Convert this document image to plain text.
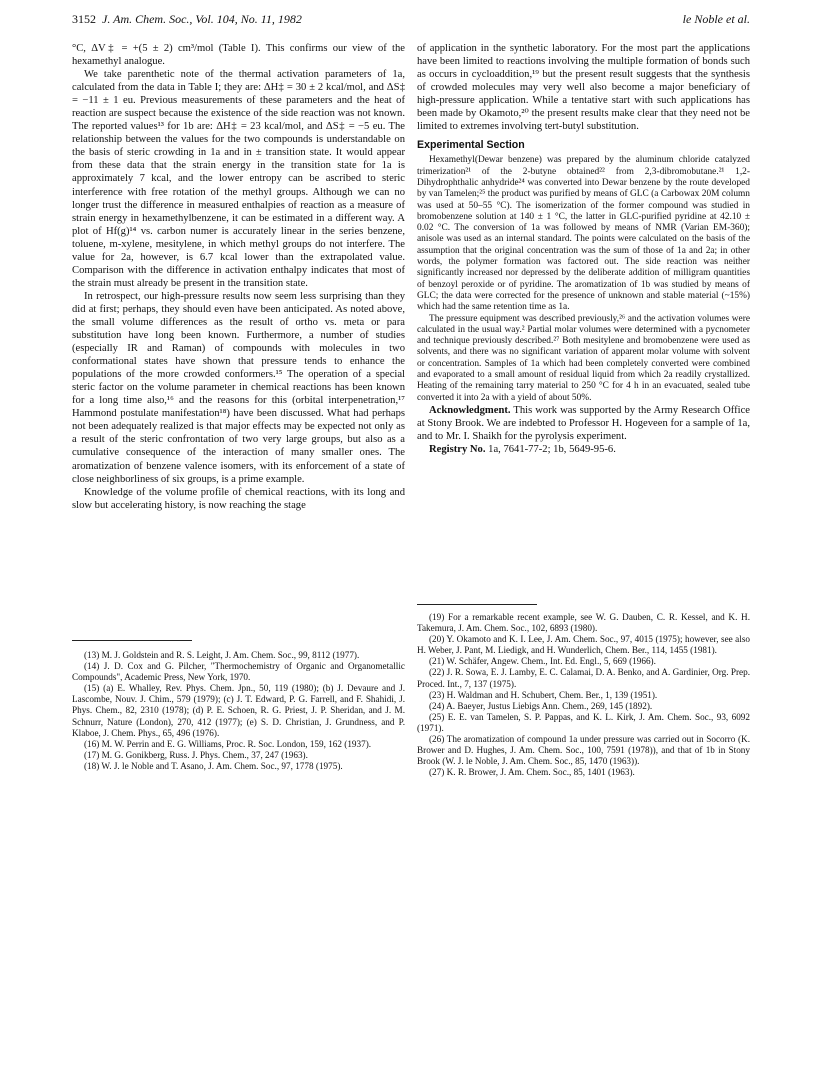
3152 J. Am. Chem. Soc., Vol. 104, No. 11, 1982	le Noble et al.

°C, ΔV‡ = +(5 ± 2) cm³/mol (Table I). This confirms our view of the hexamethyl analogue.

We take parenthetic note of the thermal activation parameters of 1a, calculated from the data in Table I; they are: ΔH‡ = 30 ± 2 kcal/mol, and ΔS‡ = −11 ± 1 eu. Previous measurements of these parameters and the heat of reaction are suspect because the existence of the side reaction was not known. The reported values¹³ for 1b are: ΔH‡ = 23 kcal/mol, and ΔS‡ = −5 eu. The relationship between the values for the two compounds is understandable on the basis of steric crowding in 1a and in ± transition state. It would appear from these data that the strain energy in the transition state for 1a is approximately 7 kcal, and the lower entropy can be ascribed to steric interference with free rotation of the methyl groups. Although we can no longer trust the difference in measured enthalpies of reaction as a measure of strain energy in hexamethylbenzene, it can be estimated in a different way. A plot of Hf(g)¹⁴ vs. carbon numer is accurately linear in the series benzene, toluene, m-xylene, mesitylene, in which methyl groups do not interfere. The value for 2a, however, is 6.7 kcal lower than the extrapolated value. Comparison with the difference in activation enthalpy indicates that most of the strain must already be present in the transition state.

In retrospect, our high-pressure results now seem less surprising than they did at first; perhaps, they should even have been anticipated. As noted above, the small volume differences as the result of ortho vs. meta or para substitution have long been known. Furthermore, a number of studies (especially IR and Raman) of compounds with molecules in two conformational states have shown that pressure tends to enhance the populations of the more crowded conformers.¹⁵ The operation of a special steric factor on the volume parameter in chemical reactions has been known for a long time also,¹⁶ and the reasons for this (orbital interpenetration,¹⁷ Hammond postulate manifestation¹⁸) have been discussed. What had perhaps not been adequately realized is that major effects may be expected not only as a result of the steric confrontation of two very large groups, but also as a cumulative consequence of the interaction of many smaller ones. The aromatization of benzene valence isomers, with its enforcement of a state of close neighborliness of six groups, is a prime example.

Knowledge of the volume profile of chemical reactions, with its long and slow but accelerating history, is now reaching the stage

(13) M. J. Goldstein and R. S. Leight, J. Am. Chem. Soc., 99, 8112 (1977).

(14) J. D. Cox and G. Pilcher, "Thermochemistry of Organic and Organometallic Compounds", Academic Press, New York, 1970.

(15) (a) E. Whalley, Rev. Phys. Chem. Jpn., 50, 119 (1980); (b) J. Devaure and J. Lascombe, Nouv. J. Chim., 579 (1979); (c) J. T. Edward, P. G. Farrell, and F. Shahidi, J. Phys. Chem., 82, 2310 (1978); (d) P. E. Schoen, R. G. Priest, J. P. Sheridan, and J. M. Schnurr, Nature (London), 270, 412 (1977); (e) S. D. Christian, J. Grundness, and P. Klaboe, J. Chem. Phys., 65, 496 (1976).

(16) M. W. Perrin and E. G. Williams, Proc. R. Soc. London, 159, 162 (1937).

(17) M. G. Gonikberg, Russ. J. Phys. Chem., 37, 247 (1963).

(18) W. J. le Noble and T. Asano, J. Am. Chem. Soc., 97, 1778 (1975).

of application in the synthetic laboratory. For the most part the applications have been limited to reactions involving the multiple formation of bonds such as occurs in cycloaddition,¹⁹ but the present result suggests that the synthesis of crowded molecules may very well also become a major beneficiary of high-pressure application. While a tentative start with such applications has been made by Okamoto,²⁰ the present results make clear that they need not be limited to extremes involving tert-butyl substitution.

Experimental Section

Hexamethyl(Dewar benzene) was prepared by the aluminum chloride catalyzed trimerization²¹ of the 2-butyne obtained²² from 2,3-dibromobutane.²¹ 1,2-Dihydrophthalic anhydride²⁴ was converted into Dewar benzene by the route developed by van Tamelen;²⁵ the product was purified by means of GLC (a Carbowax 20M column was used at 50–55 °C). The isomerization of the former compound was studied in bromobenzene solution at 140 ± 1 °C, the latter in GLC-purified pyridine at 42.10 ± 0.02 °C. The conversion of 1a was followed by means of NMR (Varian EM-360); anisole was used as an internal standard. The points were calculated on the basis of the assumption that the original concentration was the sum of those of 1a and 2a; in other words, the polymer formation was factored out. The side reaction was neither significantly increased nor depressed by the deliberate addition of milligram quantities of benzoyl peroxide or of pyridine. The aromatization of 1b was studied by means of GLC; the data were corrected for the presence of unknown and stable material (~15%) which had the same retention time as 1a.

The pressure equipment was described previously,²⁶ and the activation volumes were calculated in the usual way.² Partial molar volumes were determined with a pycnometer and technique previously described.²⁷ Both mesitylene and bromobenzene were used as solvents, and there was no significant variation of apparent molar volume with solvent or concentration. Samples of 1a which had been completely converted were combined and evaporated to a small amount of residual liquid from which 2a readily crystallized. Heating of the remaining tarry material to 250 °C for 4 h in an evacuated, sealed tube converted it into 2a with a yield of about 50%.

Acknowledgment. This work was supported by the Army Research Office at Stony Brook. We are indebted to Professor H. Hogeveen for a sample of 1a, and to Mr. I. Shaikh for the pyrolysis experiment.

Registry No. 1a, 7641-77-2; 1b, 5649-95-6.

(19) For a remarkable recent example, see W. G. Dauben, C. R. Kessel, and K. H. Takemura, J. Am. Chem. Soc., 102, 6893 (1980).

(20) Y. Okamoto and K. I. Lee, J. Am. Chem. Soc., 97, 4015 (1975); however, see also H. Weber, J. Pant, M. Liedigk, and H. Wunderlich, Chem. Ber., 114, 1455 (1981).

(21) W. Schäfer, Angew. Chem., Int. Ed. Engl., 5, 669 (1966).

(22) J. R. Sowa, E. J. Lamby, E. C. Calamai, D. A. Benko, and A. Gardinier, Org. Prep. Proced. Int., 7, 137 (1975).

(23) H. Waldman and H. Schubert, Chem. Ber., 1, 139 (1951).

(24) A. Baeyer, Justus Liebigs Ann. Chem., 269, 145 (1892).

(25) E. E. van Tamelen, S. P. Pappas, and K. L. Kirk, J. Am. Chem. Soc., 93, 6092 (1971).

(26) The aromatization of compound 1a under pressure was carried out in Socorro (K. Brower and D. Hughes, J. Am. Chem. Soc., 100, 7591 (1978)), and that of 1b in Stony Brook (W. J. le Noble, J. Am. Chem. Soc., 85, 1470 (1963)).

(27) K. R. Brower, J. Am. Chem. Soc., 85, 1401 (1963).
